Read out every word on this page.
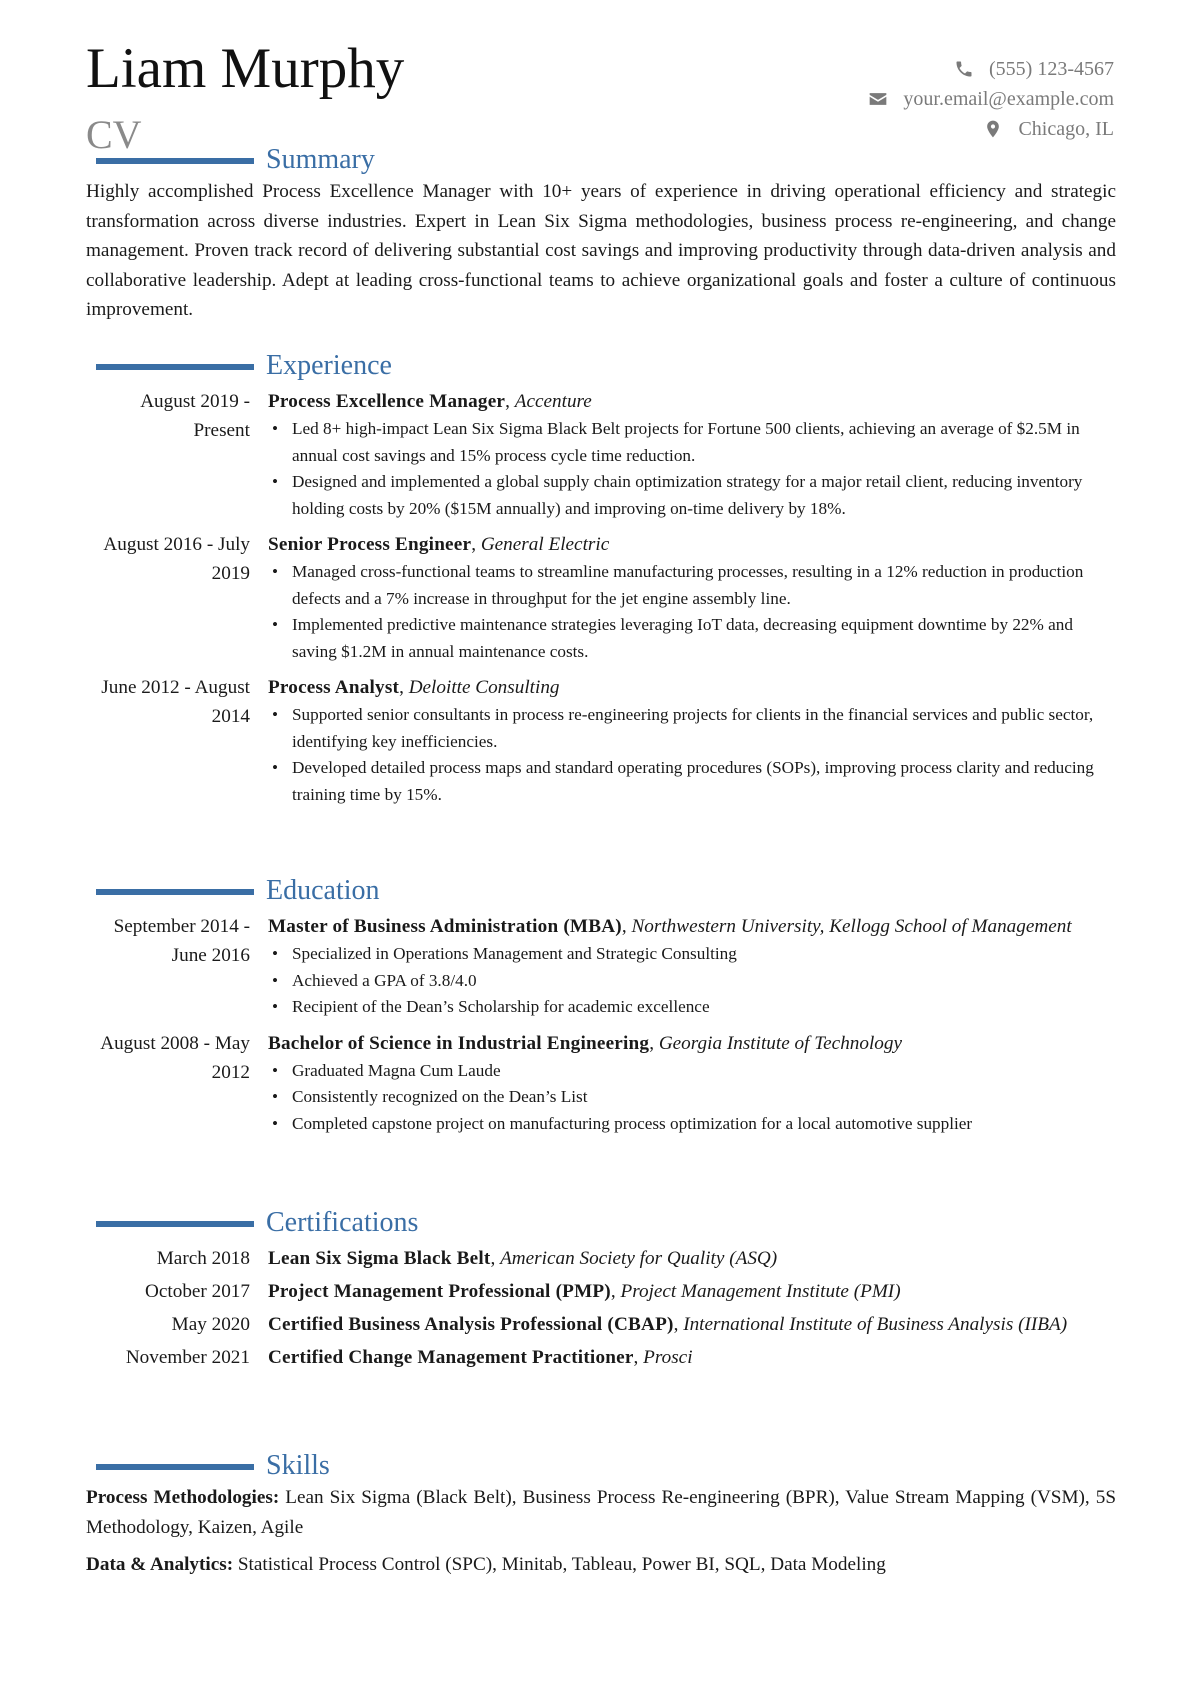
Liam Murphy
CV
(555) 123-4567
your.email@example.com
Chicago, IL
Summary

Highly accomplished Process Excellence Manager with 10+ years of experience in driving operational efficiency and strategic transformation across diverse industries. Expert in Lean Six Sigma methodologies, business process re-engineering, and change management. Proven track record of delivering substantial cost savings and improving productivity through data-driven analysis and collaborative leadership. Adept at leading cross-functional teams to achieve organizational goals and foster a culture of continuous improvement.

Experience
August 2019 - Present
Process Excellence Manager, Accenture
• Led 8+ high-impact Lean Six Sigma Black Belt projects for Fortune 500 clients, achieving an average of $2.5M in annual cost savings and 15% process cycle time reduction.
• Designed and implemented a global supply chain optimization strategy for a major retail client, reducing inventory holding costs by 20% ($15M annually) and improving on-time delivery by 18%.
August 2016 - July 2019
Senior Process Engineer, General Electric
• Managed cross-functional teams to streamline manufacturing processes, resulting in a 12% reduction in production defects and a 7% increase in throughput for the jet engine assembly line.
• Implemented predictive maintenance strategies leveraging IoT data, decreasing equipment downtime by 22% and saving $1.2M in annual maintenance costs.
June 2012 - August 2014
Process Analyst, Deloitte Consulting
• Supported senior consultants in process re-engineering projects for clients in the financial services and public sector, identifying key inefficiencies.
• Developed detailed process maps and standard operating procedures (SOPs), improving process clarity and reducing training time by 15%.
Education
September 2014 - June 2016
Master of Business Administration (MBA), Northwestern University, Kellogg School of Management
• Specialized in Operations Management and Strategic Consulting
• Achieved a GPA of 3.8/4.0
• Recipient of the Dean’s Scholarship for academic excellence
August 2008 - May 2012
Bachelor of Science in Industrial Engineering, Georgia Institute of Technology
• Graduated Magna Cum Laude
• Consistently recognized on the Dean’s List
• Completed capstone project on manufacturing process optimization for a local automotive supplier
Certifications
March 2018 Lean Six Sigma Black Belt, American Society for Quality (ASQ)
October 2017 Project Management Professional (PMP), Project Management Institute (PMI)
May 2020 Certified Business Analysis Professional (CBAP), International Institute of Business Analysis (IIBA)
November 2021 Certified Change Management Practitioner, Prosci
Skills

Process Methodologies: Lean Six Sigma (Black Belt), Business Process Re-engineering (BPR), Value Stream Mapping (VSM), 5S Methodology, Kaizen, Agile

Data & Analytics: Statistical Process Control (SPC), Minitab, Tableau, Power BI, SQL, Data Modeling
